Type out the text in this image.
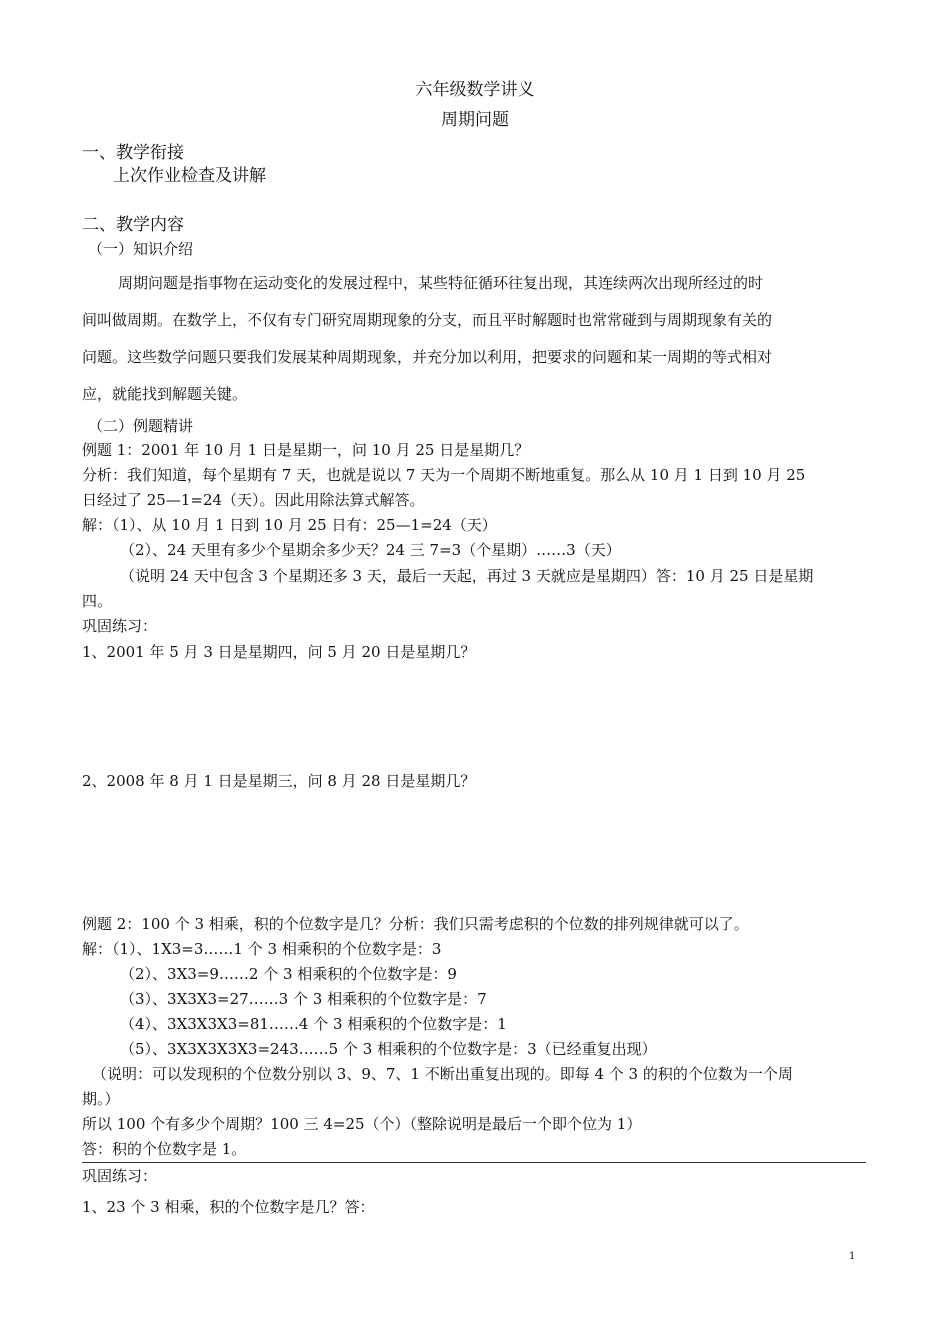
六年级数学讲义
周期问题
一、教学衔接
上次作业检查及讲解
二、教学内容
（一）知识介绍
周期问题是指事物在运动变化的发展过程中，某些特征循环往复出现，其连续两次出现所经过的时
间叫做周期。在数学上，不仅有专门研究周期现象的分支，而且平时解题时也常常碰到与周期现象有关的
问题。这些数学问题只要我们发展某种周期现象，并充分加以利用，把要求的问题和某一周期的等式相对
应，就能找到解题关键。
（二）例题精讲
例题 1：2001 年 10 月 1 日是星期一，问 10 月 25 日是星期几？
分析：我们知道，每个星期有 7 天，也就是说以 7 天为一个周期不断地重复。那么从 10 月 1 日到 10 月 25
日经过了 25—1=24（天）。因此用除法算式解答。
解：（1）、从 10 月 1 日到 10 月 25 日有：25—1=24（天）
（2）、24 天里有多少个星期余多少天？24 三 7=3（个星期）……3（天）
（说明 24 天中包含 3 个星期还多 3 天，最后一天起，再过 3 天就应是星期四）答：10 月 25 日是星期
四。
巩固练习：
1、2001 年 5 月 3 日是星期四，问 5 月 20 日是星期几？
2、2008 年 8 月 1 日是星期三，问 8 月 28 日是星期几？
例题 2：100 个 3 相乘，积的个位数字是几？分析：我们只需考虑积的个位数的排列规律就可以了。
解：（1）、1X3=3……1 个 3 相乘积的个位数字是：3
（2）、3X3=9……2 个 3 相乘积的个位数字是：9
（3）、3X3X3=27……3 个 3 相乘积的个位数字是：7
（4）、3X3X3X3=81……4 个 3 相乘积的个位数字是：1
（5）、3X3X3X3X3=243……5 个 3 相乘积的个位数字是：3（已经重复出现）
（说明：可以发现积的个位数分别以 3、9、7、1 不断出重复出现的。即每 4 个 3 的积的个位数为一个周
期。）
所以 100 个有多少个周期？100 三 4=25（个）（整除说明是最后一个即个位为 1）
答：积的个位数字是 1。
巩固练习：
1、23 个 3 相乘，积的个位数字是几？答：
1
